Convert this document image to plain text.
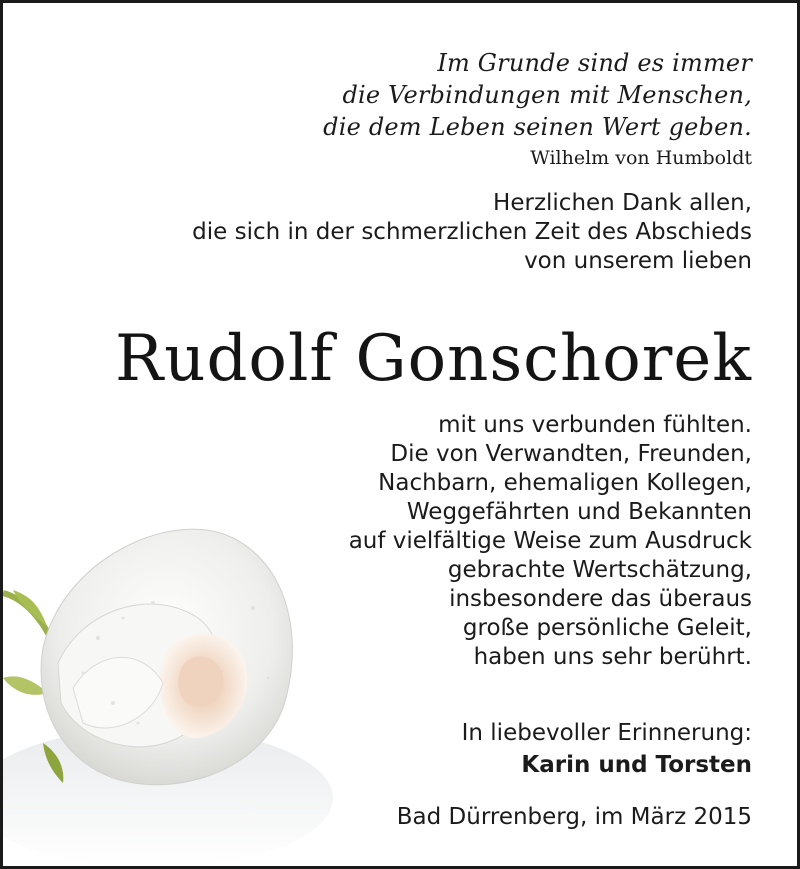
Im Grunde sind es immer
die Verbindungen mit Menschen,
die dem Leben seinen Wert geben.
Wilhelm von Humboldt
Herzlichen Dank allen,
die sich in der schmerzlichen Zeit des Abschieds
von unserem lieben
Rudolf Gonschorek
mit uns verbunden fühlten.
Die von Verwandten, Freunden,
Nachbarn, ehemaligen Kollegen,
Weggefährten und Bekannten
auf vielfältige Weise zum Ausdruck
gebrachte Wertschätzung,
insbesondere das überaus
große persönliche Geleit,
haben uns sehr berührt.
In liebevoller Erinnerung:
Karin und Torsten
Bad Dürrenberg, im März 2015
